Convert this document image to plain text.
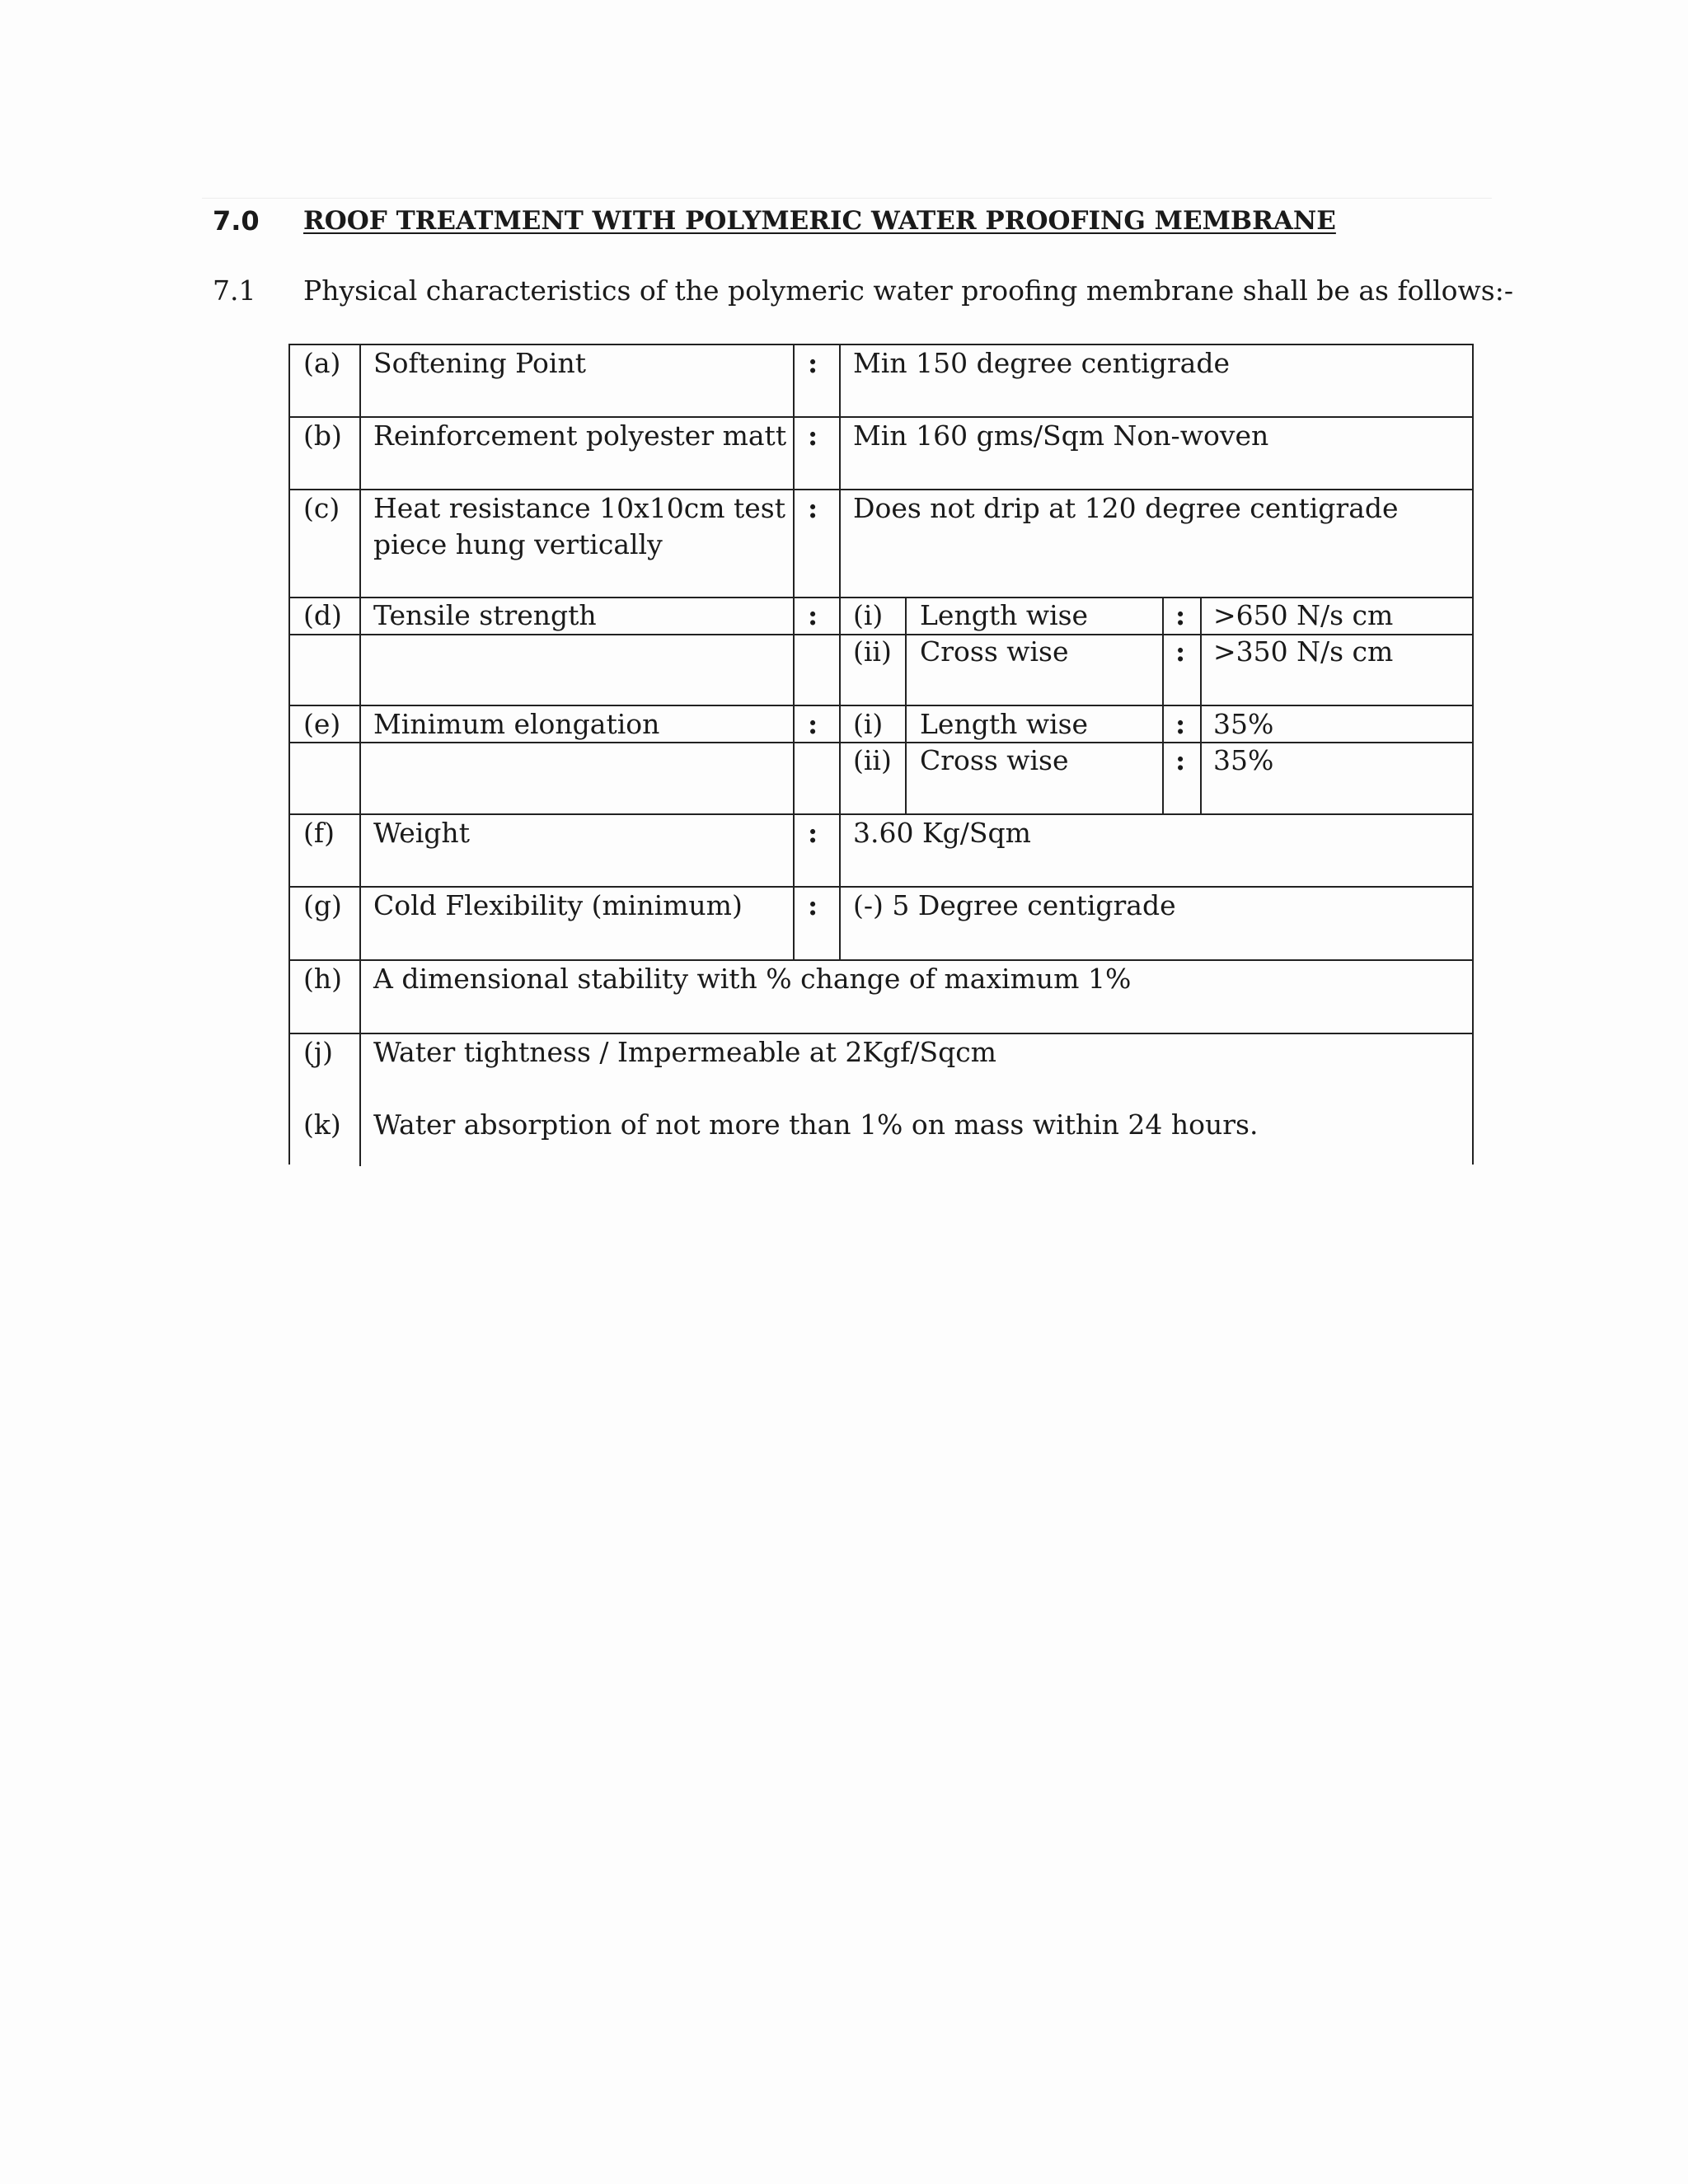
7.0	ROOF TREATMENT WITH POLYMERIC WATER PROOFING MEMBRANE
7.1	Physical characteristics of the polymeric water proofing membrane shall be as follows:-
(a) Softening Point	: Min 150 degree centigrade
(b) Reinforcement polyester matt : Min 160 gms/Sqm Non-woven
(c) Heat resistance 10x10cm test
piece hung vertically
: Does not drip at 120 degree centigrade
(d) Tensile strength	: (i) Length wise	: >650 N/s cm
(ii) Cross wise	: >350 N/s cm
(e) Minimum elongation	: (i) Length wise	: 35%
(ii) Cross wise	: 35%
(f) Weight	: 3.60 Kg/Sqm
(g) Cold Flexibility (minimum) : (-) 5 Degree centigrade
(h) A dimensional stability with % change of maximum 1%
(j) Water tightness / Impermeable at 2Kgf/Sqcm
(k) Water absorption of not more than 1% on mass within 24 hours.
